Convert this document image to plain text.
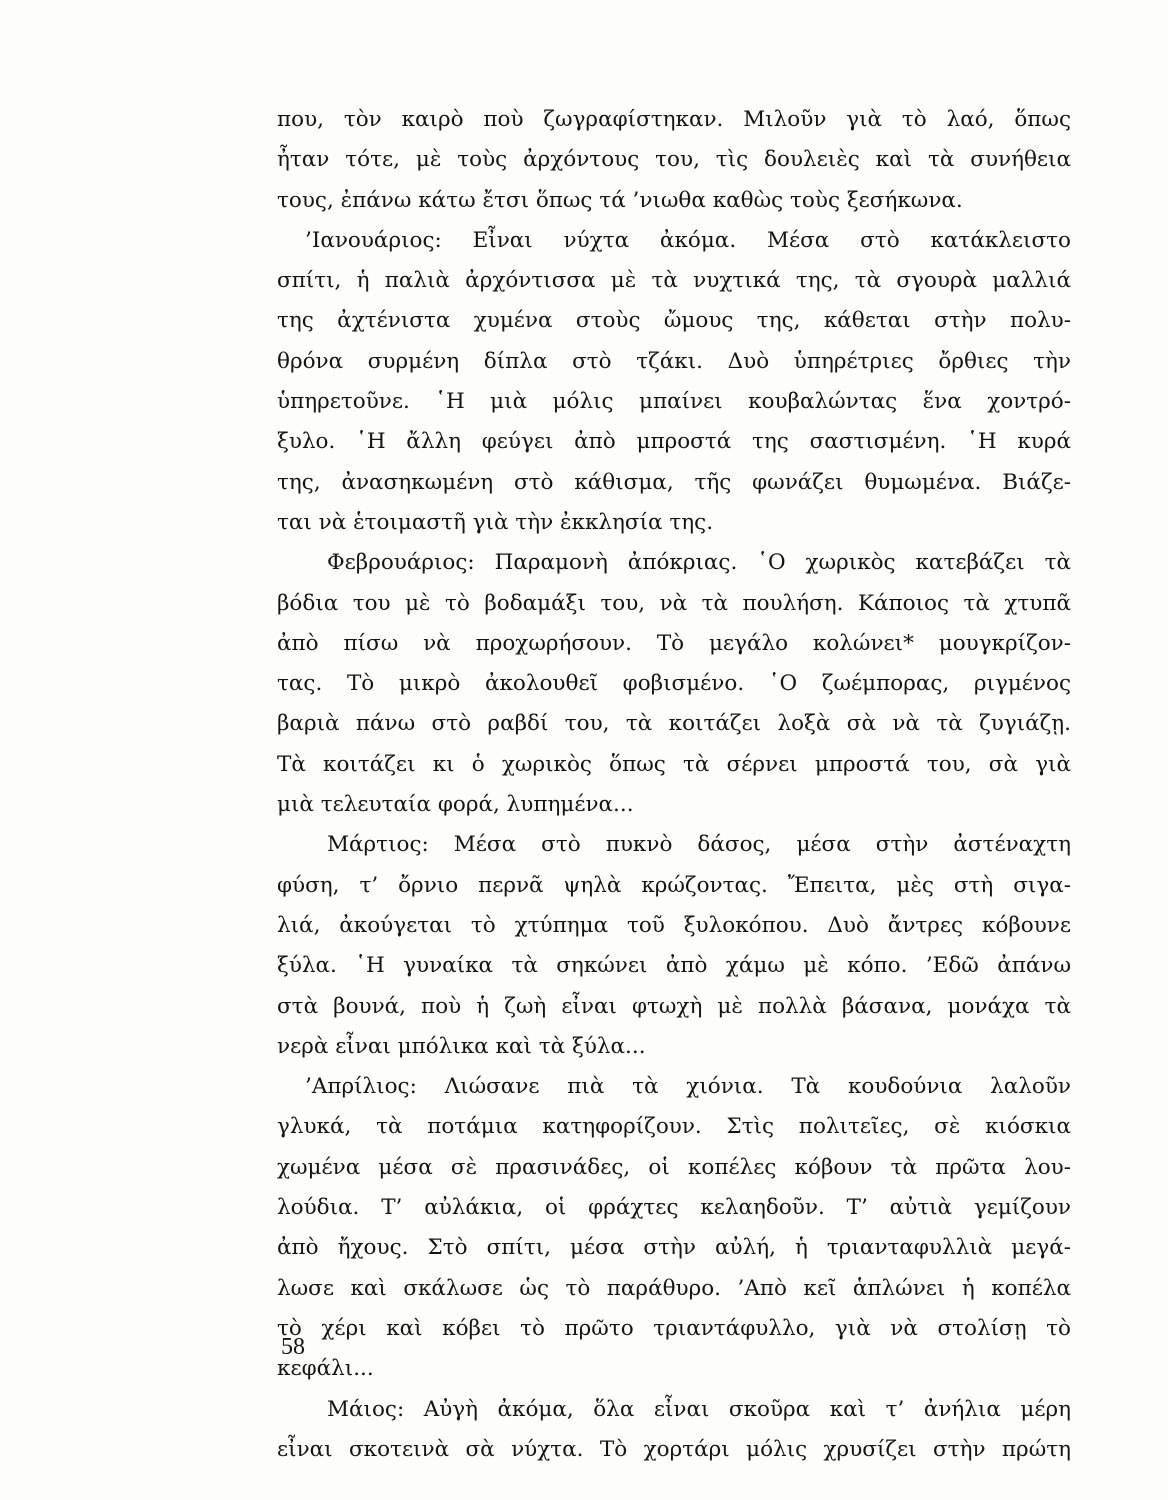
που, τὸν καιρὸ ποὺ ζωγραφίστηκαν. Μιλοῦν γιὰ τὸ λαό, ὅπως
ἦταν τότε, μὲ τοὺς ἀρχόντους του, τὶς δουλειὲς καὶ τὰ συνήθεια
τους, ἐπάνω κάτω ἔτσι ὅπως τά ’νιωθα καθὼς τοὺς ξεσήκωνα.
’Ιανουάριος: Εἶναι νύχτα ἀκόμα. Μέσα στὸ κατάκλειστο
σπίτι, ἡ παλιὰ ἀρχόντισσα μὲ τὰ νυχτικά της, τὰ σγουρὰ μαλλιά
της ἀχτένιστα χυμένα στοὺς ὤμους της, κάθεται στὴν πολυ-
θρόνα συρμένη δίπλα στὸ τζάκι. Δυὸ ὑπηρέτριες ὄρθιες τὴν
ὑπηρετοῦνε. ῾Η μιὰ μόλις μπαίνει κουβαλώντας ἕνα χοντρό-
ξυλο. ῾Η ἄλλη φεύγει ἀπὸ μπροστά της σαστισμένη. ῾Η κυρά
της, ἀνασηκωμένη στὸ κάθισμα, τῆς φωνάζει θυμωμένα. Βιάζε-
ται νὰ ἑτοιμαστῆ γιὰ τὴν ἐκκλησία της.
Φεβρουάριος: Παραμονὴ ἀπόκριας. ῾Ο χωρικὸς κατεβάζει τὰ
βόδια του μὲ τὸ βοδαμάξι του, νὰ τὰ πουλήση. Κάποιος τὰ χτυπᾶ
ἀπὸ πίσω νὰ προχωρήσουν. Τὸ μεγάλο κολώνει* μουγκρίζον-
τας. Τὸ μικρὸ ἀκολουθεῖ φοβισμένο. ῾Ο ζωέμπορας, ριγμένος
βαριὰ πάνω στὸ ραβδί του, τὰ κοιτάζει λοξὰ σὰ νὰ τὰ ζυγιάζῃ.
Τὰ κοιτάζει κι ὁ χωρικὸς ὅπως τὰ σέρνει μπροστά του, σὰ γιὰ
μιὰ τελευταία φορά, λυπημένα...
Μάρτιος: Μέσα στὸ πυκνὸ δάσος, μέσα στὴν ἀστέναχτη
φύση, τ’ ὄρνιο περνᾶ ψηλὰ κρώζοντας. Ἔπειτα, μὲς στὴ σιγα-
λιά, ἀκούγεται τὸ χτύπημα τοῦ ξυλοκόπου. Δυὸ ἄντρες κόβουνε
ξύλα. ῾Η γυναίκα τὰ σηκώνει ἀπὸ χάμω μὲ κόπο. ’Εδῶ ἀπάνω
στὰ βουνά, ποὺ ἡ ζωὴ εἶναι φτωχὴ μὲ πολλὰ βάσανα, μονάχα τὰ
νερὰ εἶναι μπόλικα καὶ τὰ ξύλα...
’Απρίλιος: Λιώσανε πιὰ τὰ χιόνια. Τὰ κουδούνια λαλοῦν
γλυκά, τὰ ποτάμια κατηφορίζουν. Στὶς πολιτεῖες, σὲ κιόσκια
χωμένα μέσα σὲ πρασινάδες, οἱ κοπέλες κόβουν τὰ πρῶτα λου-
λούδια. Τ’ αὐλάκια, οἱ φράχτες κελαηδοῦν. Τ’ αὐτιὰ γεμίζουν
ἀπὸ ἤχους. Στὸ σπίτι, μέσα στὴν αὐλή, ἡ τριανταφυλλιὰ μεγά-
λωσε καὶ σκάλωσε ὡς τὸ παράθυρο. ’Απὸ κεῖ ἁπλώνει ἡ κοπέλα
τὸ χέρι καὶ κόβει τὸ πρῶτο τριαντάφυλλο, γιὰ νὰ στολίσῃ τὸ
κεφάλι...
Μάιος: Αὐγὴ ἀκόμα, ὅλα εἶναι σκοῦρα καὶ τ’ ἀνήλια μέρη
εἶναι σκοτεινὰ σὰ νύχτα. Τὸ χορτάρι μόλις χρυσίζει στὴν πρώτη
58
